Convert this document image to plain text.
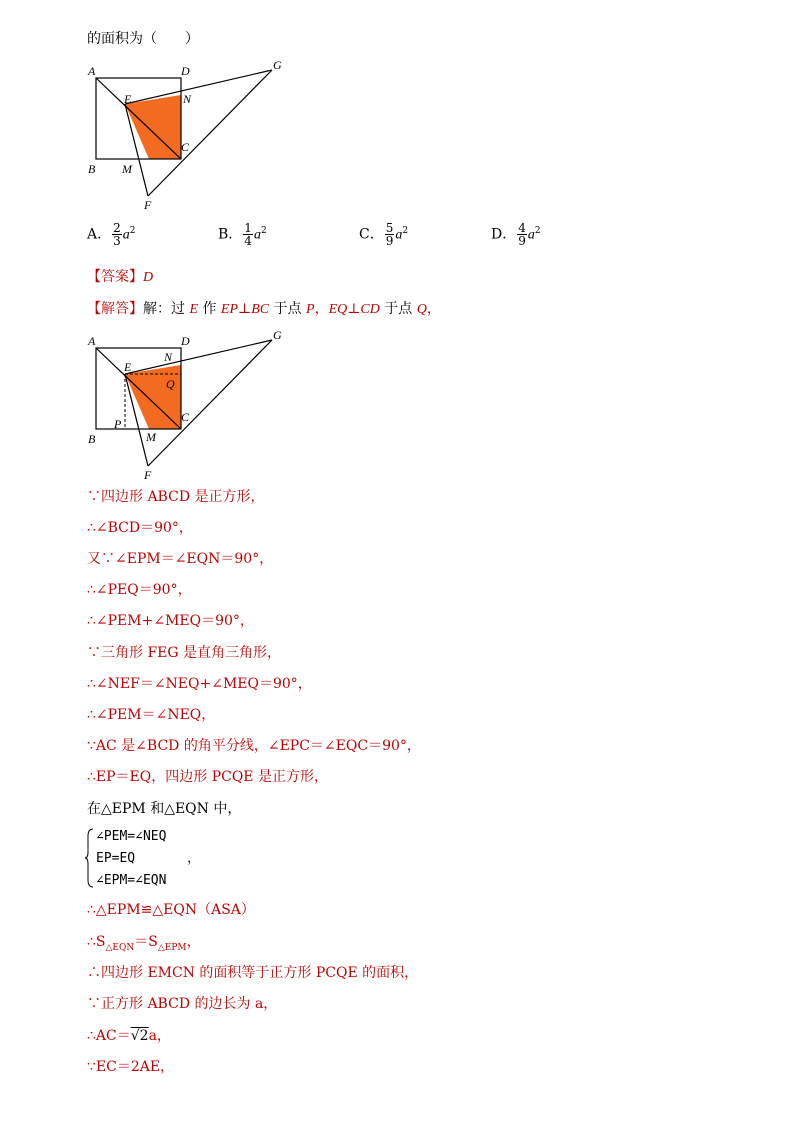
的面积为（　　）
A	D	G
E	N
C
B M
F
A． $\frac{2}{3} a^2$	B． $\frac{1}{4} a^2$	C． $\frac{5}{9} a^2$	D． $\frac{4}{9} a^2$
【答案】D
【解答】解：过 E 作 EP⊥BC 于点 P，EQ⊥CD 于点 Q，
A	D	G
N
E
Q
C
B
P
M
F
∵四边形 ABCD 是正方形，
∴∠BCD＝90°，
又∵∠EPM＝∠EQN＝90°，
∴∠PEQ＝90°，
∴∠PEM+∠MEQ＝90°，
∵三角形 FEG 是直角三角形，
∴∠NEF＝∠NEQ+∠MEQ＝90°，
∴∠PEM＝∠NEQ，
∵AC 是∠BCD 的角平分线，∠EPC＝∠EQC＝90°，
∴EP＝EQ，四边形 PCQE 是正方形，
在△EPM 和△EQN 中，
∠PEM=∠NEQ
EP=EQ	，
∠EPM=∠EQN
∴△EPM≌△EQN（ASA）
$\therefore S_{\triangle EQN}=S_{\triangle EPM}$，
∴四边形 EMCN 的面积等于正方形 PCQE 的面积，
∵正方形 ABCD 的边长为 a，
∴AC＝√2a，
∵EC＝2AE，
